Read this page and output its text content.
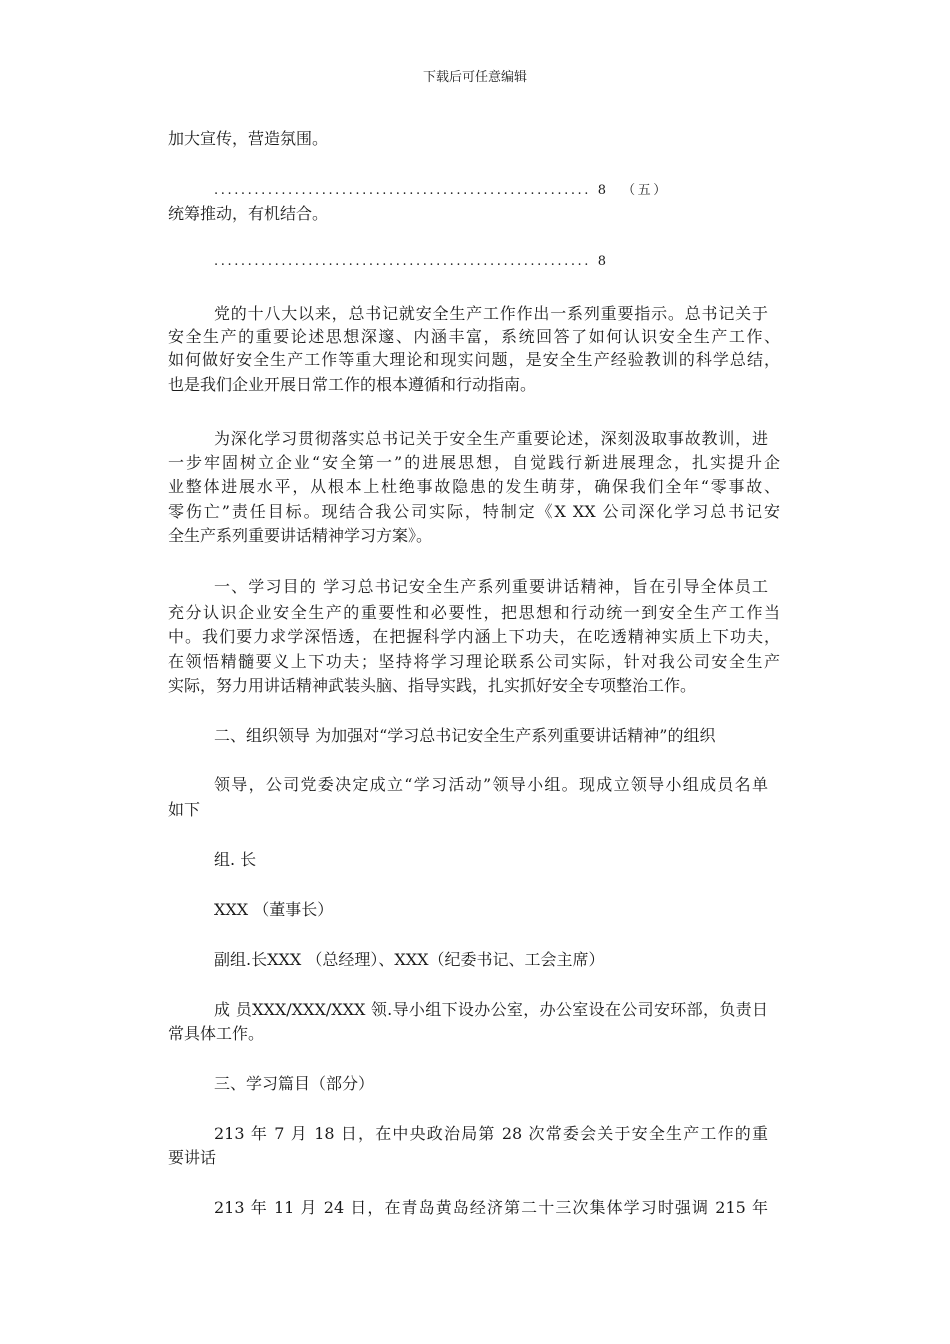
下载后可任意编辑
加大宣传，营造氛围。
........................................................ 8  （五）
统筹推动，有机结合。
........................................................ 8
党的十八大以来，总书记就安全生产工作作出一系列重要指示。总书记关于
安全生产的重要论述思想深邃、内涵丰富，系统回答了如何认识安全生产工作、
如何做好安全生产工作等重大理论和现实问题，是安全生产经验教训的科学总结，
也是我们企业开展日常工作的根本遵循和行动指南。
为深化学习贯彻落实总书记关于安全生产重要论述，深刻汲取事故教训，进
一步牢固树立企业“安全第一”的进展思想，自觉践行新进展理念，扎实提升企
业整体进展水平，从根本上杜绝事故隐患的发生萌芽，确保我们全年“零事故、
零伤亡”责任目标。现结合我公司实际，特制定《X XX 公司深化学习总书记安
全生产系列重要讲话精神学习方案》。
一、学习目的 学习总书记安全生产系列重要讲话精神，旨在引导全体员工
充分认识企业安全生产的重要性和必要性，把思想和行动统一到安全生产工作当
中。我们要力求学深悟透，在把握科学内涵上下功夫，在吃透精神实质上下功夫，
在领悟精髓要义上下功夫；坚持将学习理论联系公司实际，针对我公司安全生产
实际，努力用讲话精神武装头脑、指导实践，扎实抓好安全专项整治工作。
二、组织领导 为加强对“学习总书记安全生产系列重要讲话精神”的组织
领导，公司党委决定成立“学习活动”领导小组。现成立领导小组成员名单
如下
组. 长
XXX （董事长）
副组.长XXX （总经理）、XXX（纪委书记、工会主席）
成 员XXX/XXX/XXX 领.导小组下设办公室，办公室设在公司安环部，负责日
常具体工作。
三、学习篇目（部分）
213 年 7 月 18 日，在中央政治局第 28 次常委会关于安全生产工作的重
要讲话
213 年 11 月 24 日，在青岛黄岛经济第二十三次集体学习时强调 215 年
